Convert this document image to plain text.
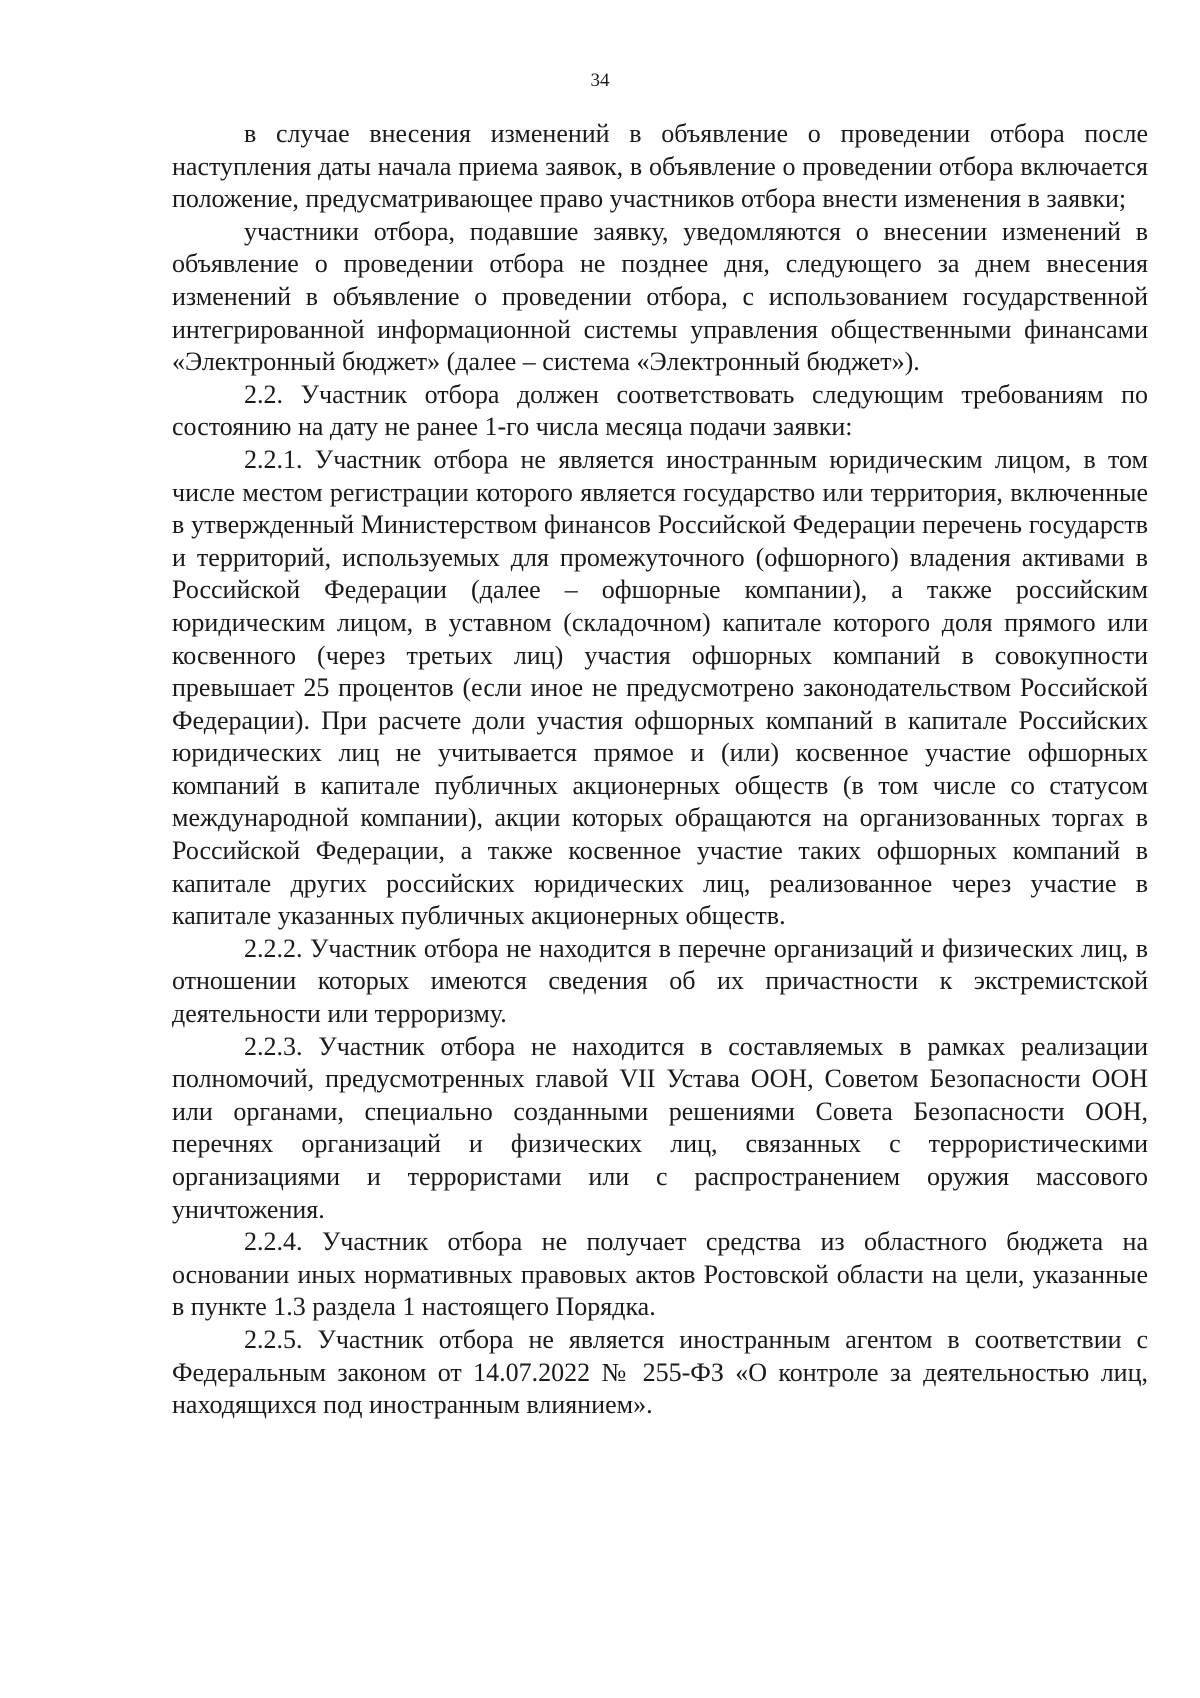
34

в случае внесения изменений в объявление о проведении отбора после наступления даты начала приема заявок, в объявление о проведении отбора включается положение, предусматривающее право участников отбора внести изменения в заявки;

участники отбора, подавшие заявку, уведомляются о внесении изменений в объявление о проведении отбора не позднее дня, следующего за днем внесения изменений в объявление о проведении отбора, с использованием государственной интегрированной информационной системы управления общественными финансами «Электронный бюджет» (далее – система «Электронный бюджет»).

2.2. Участник отбора должен соответствовать следующим требованиям по состоянию на дату не ранее 1-го числа месяца подачи заявки:

2.2.1. Участник отбора не является иностранным юридическим лицом, в том числе местом регистрации которого является государство или территория, включенные в утвержденный Министерством финансов Российской Федерации перечень государств и территорий, используемых для промежуточного (офшорного) владения активами в Российской Федерации (далее – офшорные компании), а также российским юридическим лицом, в уставном (складочном) капитале которого доля прямого или косвенного (через третьих лиц) участия офшорных компаний в совокупности превышает 25 процентов (если иное не предусмотрено законодательством Российской Федерации). При расчете доли участия офшорных компаний в капитале Российских юридических лиц не учитывается прямое и (или) косвенное участие офшорных компаний в капитале публичных акционерных обществ (в том числе со статусом международной компании), акции которых обращаются на организованных торгах в Российской Федерации, а также косвенное участие таких офшорных компаний в капитале других российских юридических лиц, реализованное через участие в капитале указанных публичных акционерных обществ.

2.2.2. Участник отбора не находится в перечне организаций и физических лиц, в отношении которых имеются сведения об их причастности к экстремистской деятельности или терроризму.

2.2.3. Участник отбора не находится в составляемых в рамках реализации полномочий, предусмотренных главой VII Устава ООН, Советом Безопасности ООН или органами, специально созданными решениями Совета Безопасности ООН, перечнях организаций и физических лиц, связанных с террористическими организациями и террористами или с распространением оружия массового уничтожения.

2.2.4. Участник отбора не получает средства из областного бюджета на основании иных нормативных правовых актов Ростовской области на цели, указанные в пункте 1.3 раздела 1 настоящего Порядка.

2.2.5. Участник отбора не является иностранным агентом в соответствии с Федеральным законом от 14.07.2022 № 255-ФЗ «О контроле за деятельностью лиц, находящихся под иностранным влиянием».
